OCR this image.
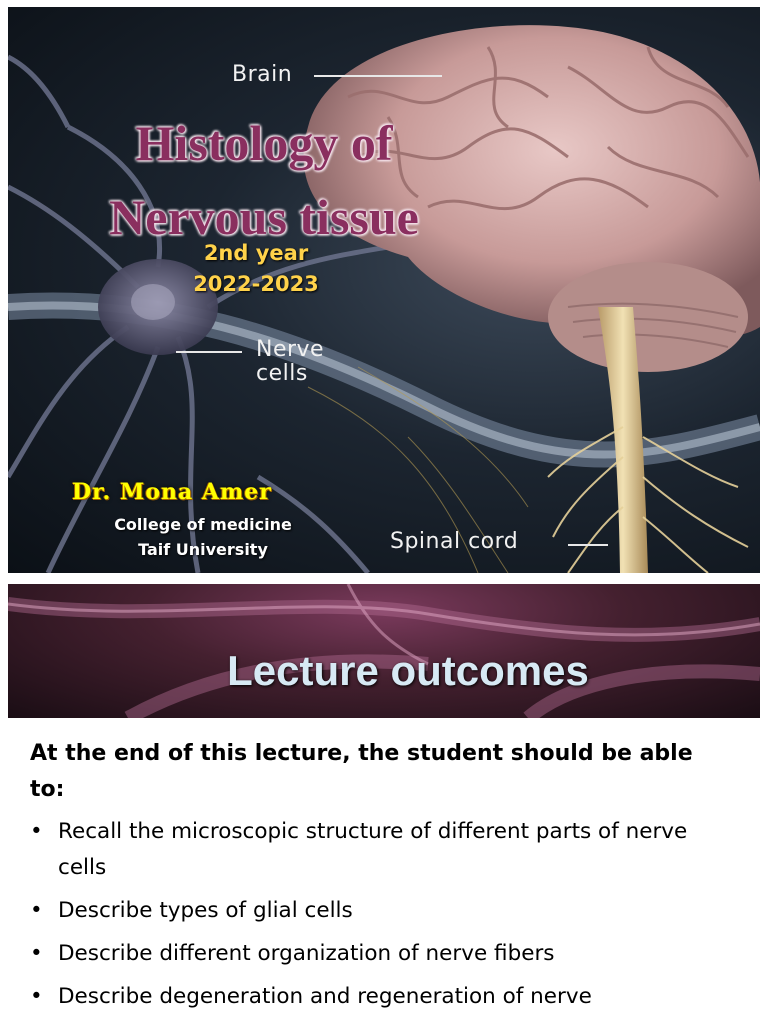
Histology of
Nervous tissue
2nd year
2022-2023
Brain
Nerve
cells
Spinal cord
Dr. Mona Amer
College of medicine
Taif University
Lecture outcomes
At the end of this lecture, the student should be able to:
• Recall the microscopic structure of different parts of nerve cells
• Describe types of glial cells
• Describe different organization of nerve fibers
• Describe degeneration and regeneration of nerve
